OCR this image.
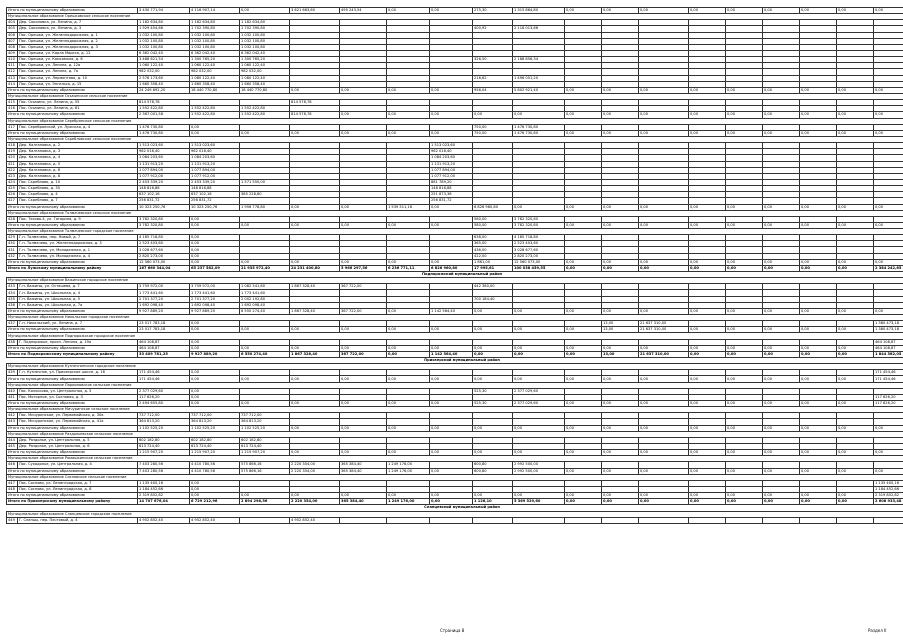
Итого по муниципальному образованию		3 430 771,94	4 116 907,14	0,00	3 621 663,60	495 243,54	0,00	0,00	275,30	1 315 864,80	0,00	0,00	0,00	0,00	0,00	0,00	0,00	0,00	0,00	
Муниципальное образование Орешковское сельское поселение																				
404	Дер. Соколовка, ул. Ленина, д. 7	1 182 634,80	1 182 634,80	1 182 634,80																
405	Дер. Соколовка, ул. Ленина, д. 3	1 929 454,66	1 702 390,80	1 702 390,80					400,92	2 118 013,86										
406	Пос. Орешки, ул. Железнодорожная, д. 1	1 032 100,80	1 032 100,80	1 032 100,80																
407	Пос. Орешки, ул. Железнодорожная, д. 2	1 032 100,80	1 032 100,80	1 032 100,80																
408	Пос. Орешки, ул. Железнодорожная, д. 3	1 032 100,80	1 032 100,80	1 032 100,80																
409	Пос. Орешки, ул. Карла Маркса, д. 12	6 362 042,40	6 362 042,40	6 362 042,40																
410	Пос. Орешки, ул. Комсомола, д. 6	3 488 621,54	1 300 765,20	1 300 765,20					326,50	2 188 856,34										
411	Пос. Орешки, ул. Ленина, д. 12а	1 060 122,40	1 060 122,40	1 060 122,40																
412	Пос. Орешки, ул. Ленина, д. 7а	982 032,00	982 032,00	982 032,00																
413	Пос. Орешки, ул. Лермонтова, д. 10	2 576 173,60	1 080 122,40	1 080 122,40					216,62	1 496 051,20										
414	Пос. Орешки, ул. Энгельса, д. 15	1 660 358,40	1 660 358,40	1 660 358,40																
Итого по муниципальному образованию		24 249 692,20	18 440 770,80	18 440 770,80	0,00	0,00	0,00	0,00	956,04	5 802 921,40	0,00	0,00	0,00	0,00	0,00	0,00	0,00	0,00	0,00	
Муниципальное образование Осьминское сельское поселение																				
415	Пос. Осьмино, ул. Ленина, д. 55	814 578,78			814 578,78															
416	Пос. Осьмино, ул. Ленина, д. 61	1 552 422,80	1 552 422,80	1 552 422,80																
Итого по муниципальному образованию		2 367 001,58	1 552 422,80	1 552 422,80	814 578,78	0,00	0,00	0,00	0,00	0,00	0,00	0,00	0,00	0,00	0,00	0,00	0,00	0,00	0,00	
Муниципальное образование Серебрянское сельское поселение																				
417	Пос. Серебрянский, ул. Лужская, д. 4	1 476 730,80	0,00						750,00	1 476 730,80										
Итого по муниципальному образованию		1 476 730,80	0,00	0,00	0,00	0,00	0,00	0,00	750,00	1 476 730,80	0,00	0,00	0,00	0,00	0,00	0,00	0,00	0,00	0,00	
Муниципальное образование Скребловское сельское поселение																				
418	Дер. Калгановка, д. 2	1 513 023,60	1 513 023,60					1 513 023,60												
419	Дер. Калгановка, д. 3	962 016,40	962 016,40					962 016,40												
420	Дер. Калгановка, д. 4	1 084 203,60	1 084 203,60					1 084 203,60												
421	Дер. Калгановка, д. 5	1 131 913,20	1 131 913,20					1 131 913,20												
422	Дер. Калгановка, д. 6	1 077 894,00	1 077 894,00					1 077 894,00												
423	Дер. Калгановка, д. 8	1 077 912,00	1 077 912,00					1 077 912,00												
424	Пос. Скреблово, д. 10	2 453 339,20	2 453 339,20	1 571 550,00				881 789,20												
425	Пос. Скреблово, д. 35	148 816,88	148 816,88					148 816,88												
426	Пос. Скреблово, д. 4	637 102,16	637 102,16	385 228,80				251 873,36												
427	Пос. Скреблово, д. 7	256 831,72	256 831,72					256 831,72												
Итого по муниципальному образованию		10 323 250,76	10 323 250,76	1 956 778,80	0,00	0,00	1 539 511,16	0,00	6 826 960,80	0,00	0,00	0,00	0,00	0,00	0,00	0,00	0,00	0,00	0,00	
Муниципальное образование Толмачевское сельское поселение																				
428	Пос. Тесово-4, ул. Гагарина, д. 9	3 782 320,80	0,00						580,00	3 782 320,80										
Итого по муниципальному образованию		3 782 320,80	0,00	0,00	0,00	0,00	0,00	0,00	580,00	3 782 320,80	0,00	0,00	0,00	0,00	0,00	0,00	0,00	0,00	0,00	
Муниципальное образование Толмачевское городское поселение																				
429	Г.п. Толмачево, пер. Новый, д. 7	4 185 718,80	0,00						638,00	4 185 718,80										
430	Г.п. Толмачево, ул. Железнодорожная, д. 3	2 523 403,60	0,00						365,00	2 523 403,60										
431	Г.п. Толмачево, ул. Молодежная, д. 1	3 028 677,60	0,00						436,00	3 028 677,60										
432	Г.п. Толмачево, ул. Молодежная, д. 4	2 820 273,00	0,00						422,00	2 820 273,00										
Итого по муниципальному образованию		12 560 073,00	0,00	0,00	0,00	0,00	0,00	0,00	1 861,00	12 560 073,00	0,00	0,00	0,00	0,00	0,00	0,00	0,00	0,00	0,00	
Итого по Лужскому муниципальному району		167 660 344,04	65 237 582,09	21 935 972,40	24 231 400,80	5 966 297,56	6 236 771,11	6 826 960,80	17 995,61	100 038 459,55	0,00	0,00	0,00	0,00	0,00	0,00	0,00	0,00	2 384 242,65	
Подпорожский муниципальный район																				
Муниципальное образование Важинское городское поселение																				
433	Г.п. Важины, ул. Осташева, д. 7	3 759 972,00	3 759 972,00	1 082 541,60	1 867 328,40	367 722,00			442 380,00											
434	Г.п. Важины, ул. Школьная, д. 4	1 773 441,60	1 773 441,60	1 773 441,60																
435	Г.п. Важины, ул. Школьная, д. 5	2 701 377,20	2 701 377,20	2 002 192,80					700 184,40											
436	Г.п. Важины, ул. Школьная, д. 7а	1 692 098,40	1 692 098,40	1 692 098,40																
Итого по муниципальному образованию		9 927 889,20	9 927 889,20	6 550 274,40	1 867 328,40	367 722,00	0,00	1 142 564,40	0,00	0,00	0,00	0,00	0,00	0,00	0,00	0,00	0,00	0,00	0,00	
Муниципальное образование Никольское городское поселение																				
437	Г.п. Никольский, ул. Ленина, д. 7	23 017 783,18	0,00									13,00	21 637 310,00						1 380 473,18	
Итого по муниципальному образованию		23 017 783,18	0,00	0,00	0,00	0,00	0,00	0,00	0,00	0,00	0,00	13,00	21 637 310,00	0,00	0,00	0,00	0,00	0,00	1 380 473,18	
Муниципальное образование Подпорожское городское поселение																				
438	Г. Подпорожье, просп. Ленина, д. 19а	464 108,87	0,00																464 108,87	
Итого по муниципальному образованию		464 108,87	0,00	0,00	0,00	0,00	0,00	0,00	0,00	0,00	0,00	0,00	0,00	0,00	0,00	0,00	0,00	0,00	464 108,87	
Итого по Подпорожскому муниципальному району		33 409 781,25	9 927 889,20	6 550 274,40	1 867 328,40	367 722,00	0,00	1 142 564,40	0,00	0,00	0,00	13,00	21 637 310,00	0,00	0,00	0,00	0,00	0,00	1 844 582,05	
Приозерский муниципальный район																				
Муниципальное образование Кузнечнинское городское поселение																				
439	Г.п. Кузнечное, ул. Приозерское шоссе, д. 16	171 454,46	0,00																171 454,46	
Итого по муниципальному образованию		171 454,46	0,00	0,00	0,00	0,00	0,00	0,00	0,00	0,00	0,00	0,00	0,00	0,00	0,00	0,00	0,00	0,00	171 454,46	
Муниципальное образование Ларионовское сельское поселение																				
440	Пос. Колосково, ул. Центральная, д. 5	2 377 029,60	0,00						525,30	2 377 029,60										
441	Пос. Моторное, ул. Сосновая, д. 3	117 626,20	0,00																117 626,20	
Итого по муниципальному образованию		2 494 655,80	0,00	0,00	0,00	0,00	0,00	0,00	525,30	2 377 029,60	0,00	0,00	0,00	0,00	0,00	0,00	0,00	0,00	117 626,20	
Муниципальное образование Мичуринское сельское поселение																				
442	Пос. Мичуринское, ул. Первомайская, д. 30а	737 712,00	737 712,00	737 712,00																
443	Пос. Мичуринское, ул. Первомайская, д. 41а	364 813,20	364 813,20	364 813,20																
Итого по муниципальному образованию		1 102 525,20	1 102 525,20	1 102 525,20	0,00	0,00	0,00	0,00	0,00	0,00	0,00	0,00	0,00	0,00	0,00	0,00	0,00	0,00	0,00	
Муниципальное образование Раздольевское сельское поселение																				
444	Дер. Раздолье, ул. Центральная, д. 5	602 182,80	602 182,80	602 182,80																
445	Дер. Раздолье, ул. Центральная, д. 6	613 724,40	613 724,40	613 724,40																
Итого по муниципальному образованию		1 215 907,20	1 215 907,20	1 215 907,20	0,00	0,00	0,00	0,00	0,00	0,00	0,00	0,00	0,00	0,00	0,00	0,00	0,00	0,00	0,00	
Муниципальное образование Ромашкинское сельское поселение																				
446	Пос. Суходолье, ул. Центральная, д. 4	7 403 280,56	4 410 780,56	575 866,16	2 220 354,00	365 384,40	1 249 176,00		600,80	2 992 500,00										
Итого по муниципальному образованию		7 403 280,56	4 410 780,56	575 866,16	2 220 354,00	365 384,40	1 249 176,00	0,00	600,80	2 992 500,00	0,00	0,00	0,00	0,00	0,00	0,00	0,00	0,00	0,00	
Муниципальное образование Сосновское сельское поселение																				
447	Пос. Сосново, ул. Ленинградская, д. 7	1 135 400,16	0,00																1 135 400,16	
448	Пос. Сосново, ул. Ленинградская, д. 8	1 184 452,66	0,00																1 184 452,66	
Итого по муниципальному образованию		2 319 852,82	0,00	0,00	0,00	0,00	0,00	0,00	0,00	0,00	0,00	0,00	0,00	0,00	0,00	0,00	0,00	0,00	2 319 852,82	
Итого по Приозерскому муниципальному району		14 707 676,04	6 729 212,96	2 894 298,56	2 220 354,00	365 384,40	1 249 176,00	0,00	1 126,10	5 369 529,60	0,00	0,00	0,00	0,00	0,00	0,00	0,00	0,00	2 608 933,48	
Сланцевский муниципальный район																				
Муниципальное образование Сланцевское городское поселение																				
449	Г. Сланцы, пер. Почтовый, д. 4	4 952 852,40	4 952 852,40		4 952 852,40															
Страница 8	Раздел II
